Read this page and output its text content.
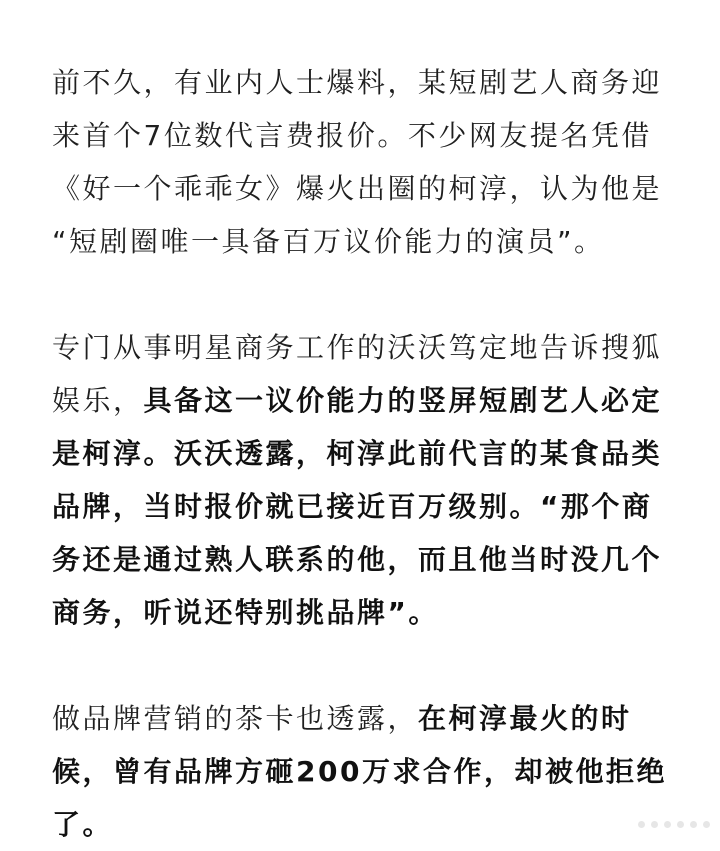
前不久，有业内人士爆料，某短剧艺人商务迎
来首个7位数代言费报价。不少网友提名凭借
《好一个乖乖女》爆火出圈的柯淳，认为他是
“短剧圈唯一具备百万议价能力的演员”。

专门从事明星商务工作的沃沃笃定地告诉搜狐
娱乐，具备这一议价能力的竖屏短剧艺人必定
是柯淳。沃沃透露，柯淳此前代言的某食品类
品牌，当时报价就已接近百万级别。“那个商
务还是通过熟人联系的他，而且他当时没几个
商务，听说还特别挑品牌”。

做品牌营销的茶卡也透露，在柯淳最火的时
候，曾有品牌方砸200万求合作，却被他拒绝
了。
